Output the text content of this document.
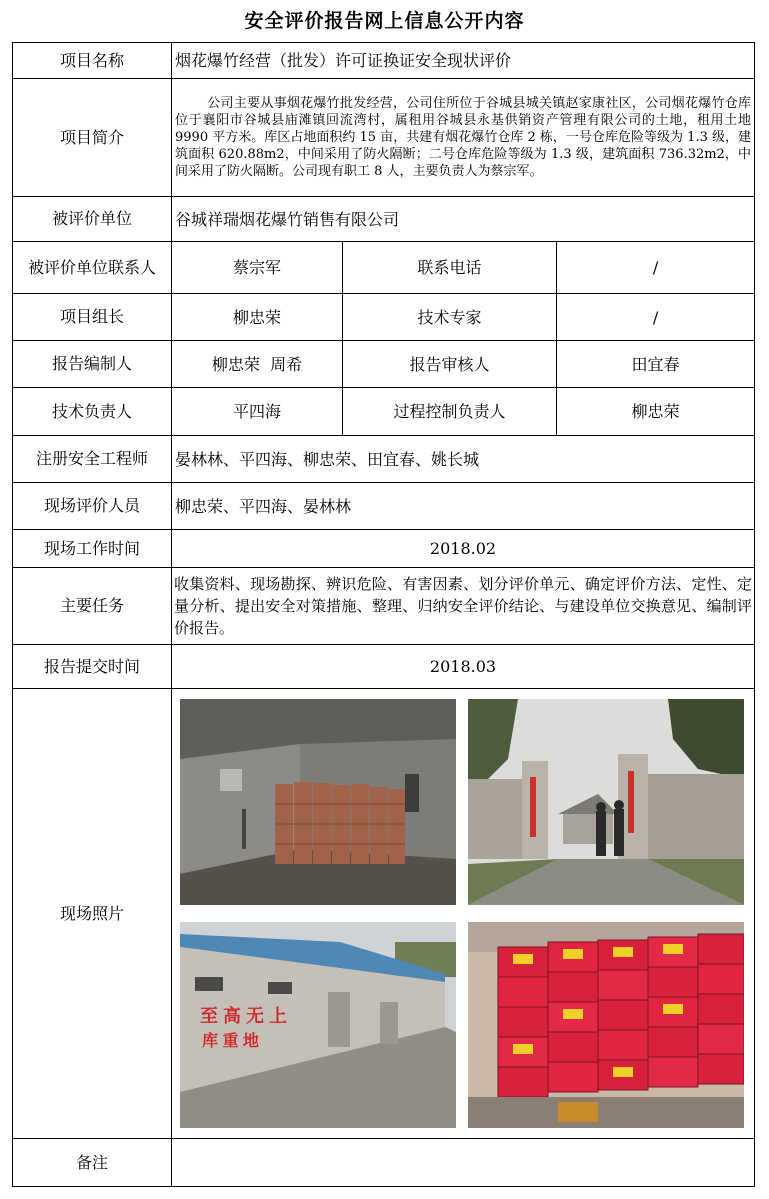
安全评价报告网上信息公开内容
项目名称	烟花爆竹经营（批发）许可证换证安全现状评价		
项目简介	公司主要从事烟花爆竹批发经营，公司住所位于谷城县城关镇赵家康社区，公司烟花爆竹仓库位于襄阳市谷城县庙滩镇回流湾村，属租用谷城县永基供销资产管理有限公司的土地，租用土地 9990 平方米。库区占地面积约 15 亩，共建有烟花爆竹仓库 2 栋，一号仓库危险等级为 1.3 级，建筑面积 620.88m2，中间采用了防火隔断；二号仓库危险等级为 1.3 级，建筑面积 736.32m2，中间采用了防火隔断。公司现有职工 8 人，主要负责人为蔡宗军。		
被评价单位	谷城祥瑞烟花爆竹销售有限公司		
被评价单位联系人	蔡宗军	联系电话	/
项目组长	柳忠荣	技术专家	/
报告编制人	柳忠荣  周希	报告审核人	田宜春
技术负责人	平四海	过程控制负责人	柳忠荣
注册安全工程师	晏林林、平四海、柳忠荣、田宜春、姚长城		
现场评价人员	柳忠荣、平四海、晏林林		
现场工作时间	2018.02		
主要任务	收集资料、现场勘探、辨识危险、有害因素、划分评价单元、确定评价方法、定性、定量分析、提出安全对策措施、整理、归纳安全评价结论、与建设单位交换意见、编制评价报告。		
报告提交时间	2018.03		
现场照片	至 高 无 上
库 重 地		

备注			
